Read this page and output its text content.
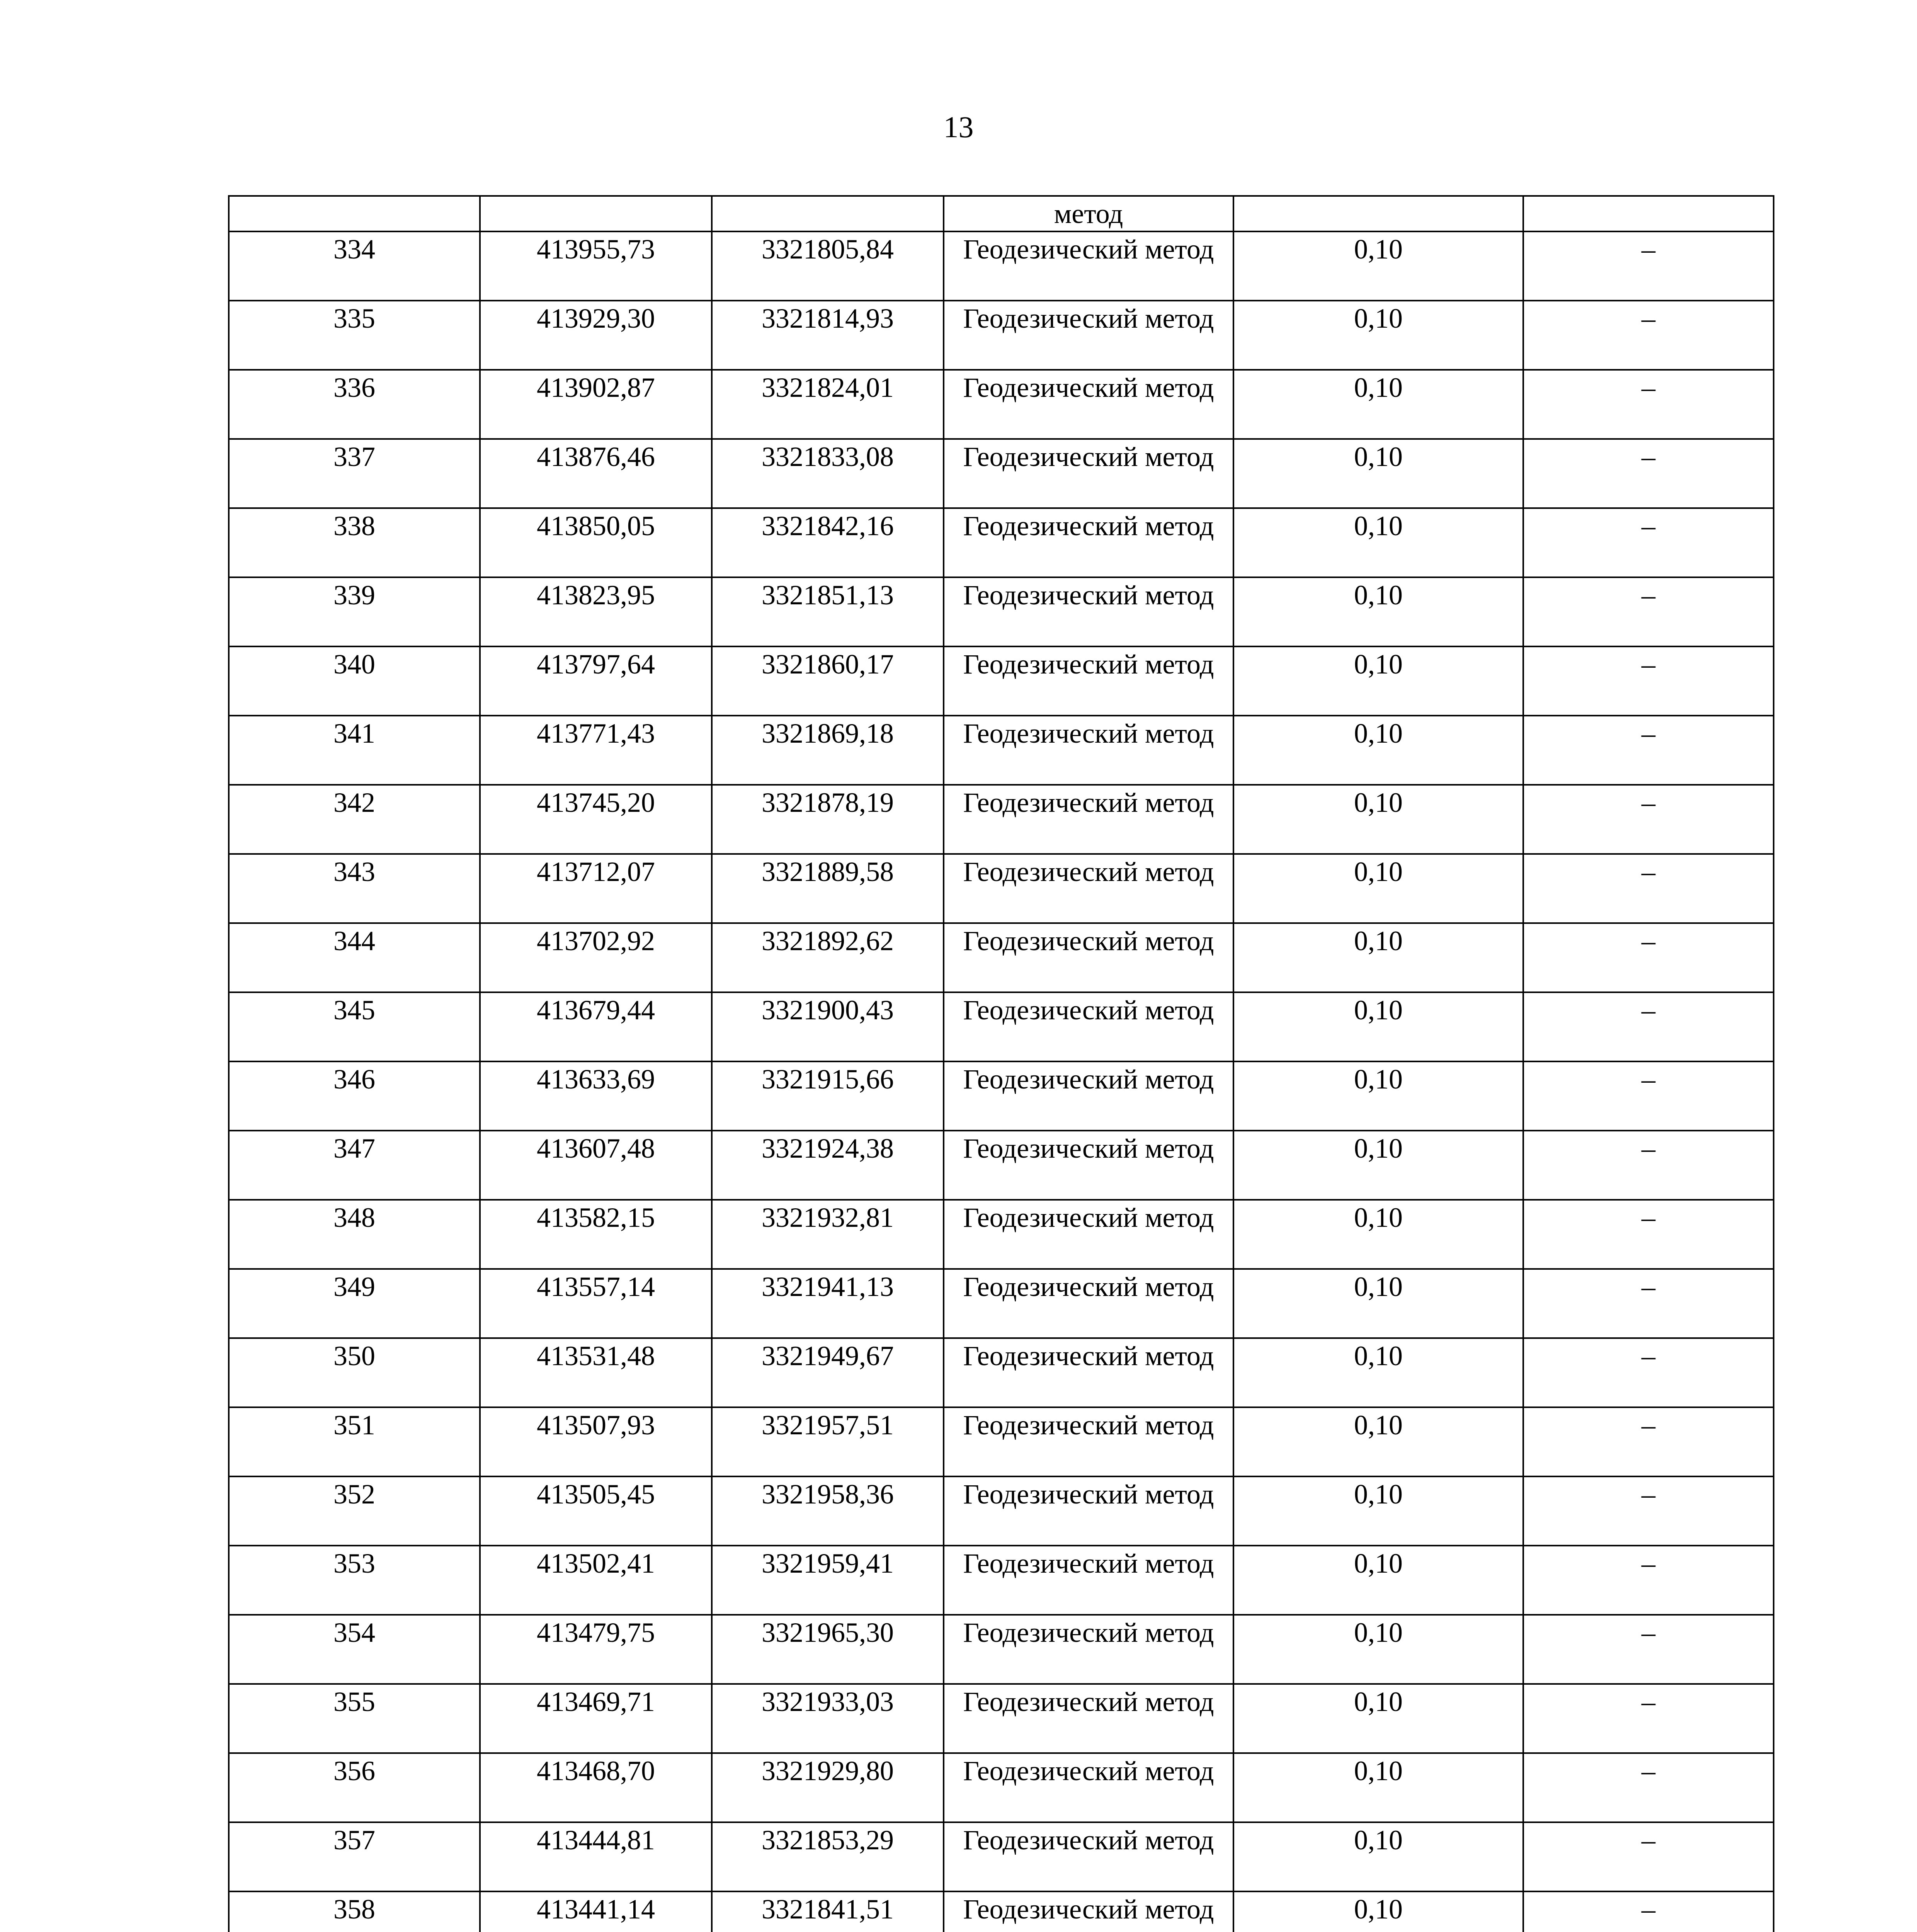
13
			метод		
334	413955,73	3321805,84	Геодезический метод	0,10	–
335	413929,30	3321814,93	Геодезический метод	0,10	–
336	413902,87	3321824,01	Геодезический метод	0,10	–
337	413876,46	3321833,08	Геодезический метод	0,10	–
338	413850,05	3321842,16	Геодезический метод	0,10	–
339	413823,95	3321851,13	Геодезический метод	0,10	–
340	413797,64	3321860,17	Геодезический метод	0,10	–
341	413771,43	3321869,18	Геодезический метод	0,10	–
342	413745,20	3321878,19	Геодезический метод	0,10	–
343	413712,07	3321889,58	Геодезический метод	0,10	–
344	413702,92	3321892,62	Геодезический метод	0,10	–
345	413679,44	3321900,43	Геодезический метод	0,10	–
346	413633,69	3321915,66	Геодезический метод	0,10	–
347	413607,48	3321924,38	Геодезический метод	0,10	–
348	413582,15	3321932,81	Геодезический метод	0,10	–
349	413557,14	3321941,13	Геодезический метод	0,10	–
350	413531,48	3321949,67	Геодезический метод	0,10	–
351	413507,93	3321957,51	Геодезический метод	0,10	–
352	413505,45	3321958,36	Геодезический метод	0,10	–
353	413502,41	3321959,41	Геодезический метод	0,10	–
354	413479,75	3321965,30	Геодезический метод	0,10	–
355	413469,71	3321933,03	Геодезический метод	0,10	–
356	413468,70	3321929,80	Геодезический метод	0,10	–
357	413444,81	3321853,29	Геодезический метод	0,10	–
358	413441,14	3321841,51	Геодезический метод	0,10	–
